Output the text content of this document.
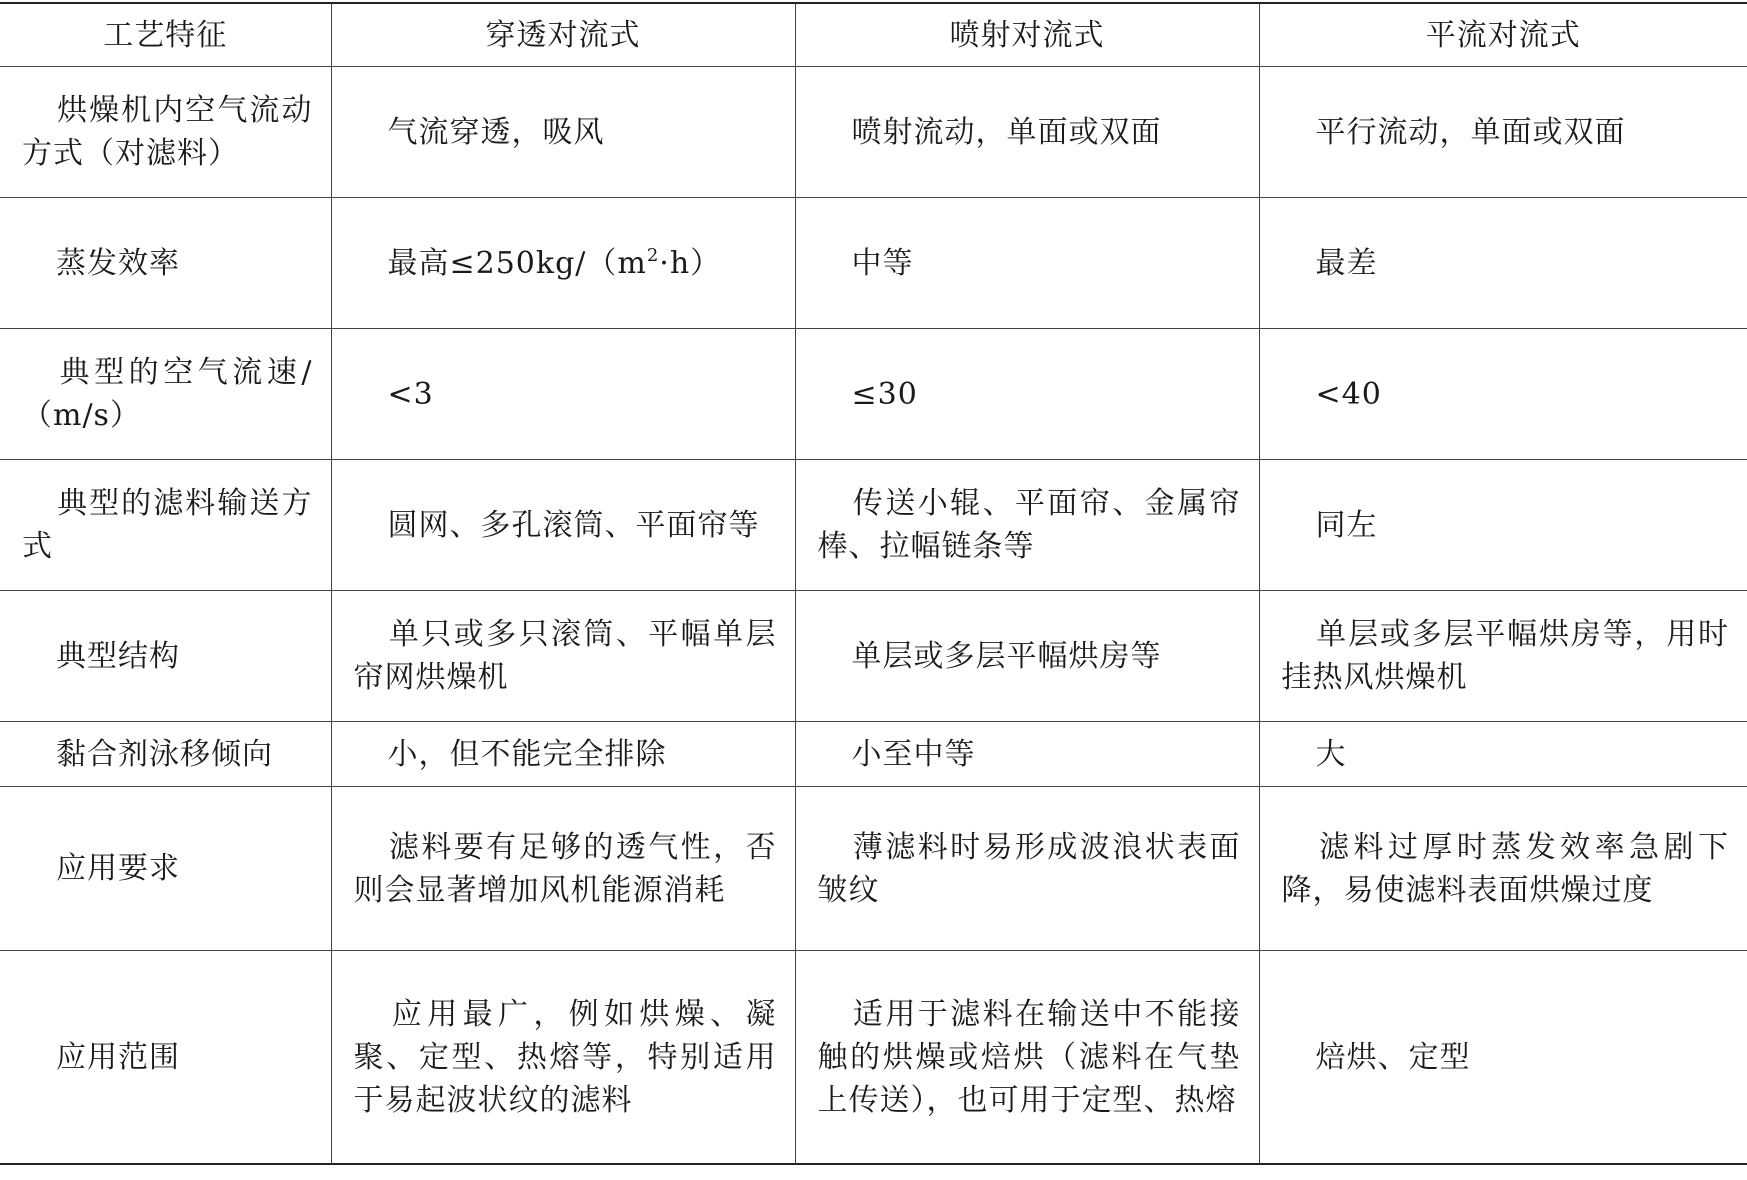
工艺特征	穿透对流式	喷射对流式	平流对流式

烘燥机内空气流动方式（对滤料）	气流穿透，吸风	喷射流动，单面或双面	平行流动，单面或双面

蒸发效率	最高$\le 250kg/(m^2\cdot h)$	中等	最差

典型的空气流速/（m/s）	<3	≤30	<40

典型的滤料输送方式	圆网、多孔滚筒、平面帘等	传送小辊、平面帘、金属帘棒、拉幅链条等	同左

典型结构	单只或多只滚筒、平幅单层帘网烘燥机	单层或多层平幅烘房等	单层或多层平幅烘房等，用时挂热风烘燥机

黏合剂泳移倾向	小，但不能完全排除	小至中等	大

应用要求	滤料要有足够的透气性，否则会显著增加风机能源消耗	薄滤料时易形成波浪状表面皱纹	滤料过厚时蒸发效率急剧下降，易使滤料表面烘燥过度

应用范围	应用最广，例如烘燥、凝聚、定型、热熔等，特别适用于易起波状纹的滤料	适用于滤料在输送中不能接触的烘燥或焙烘（滤料在气垫上传送），也可用于定型、热熔	焙烘、定型
